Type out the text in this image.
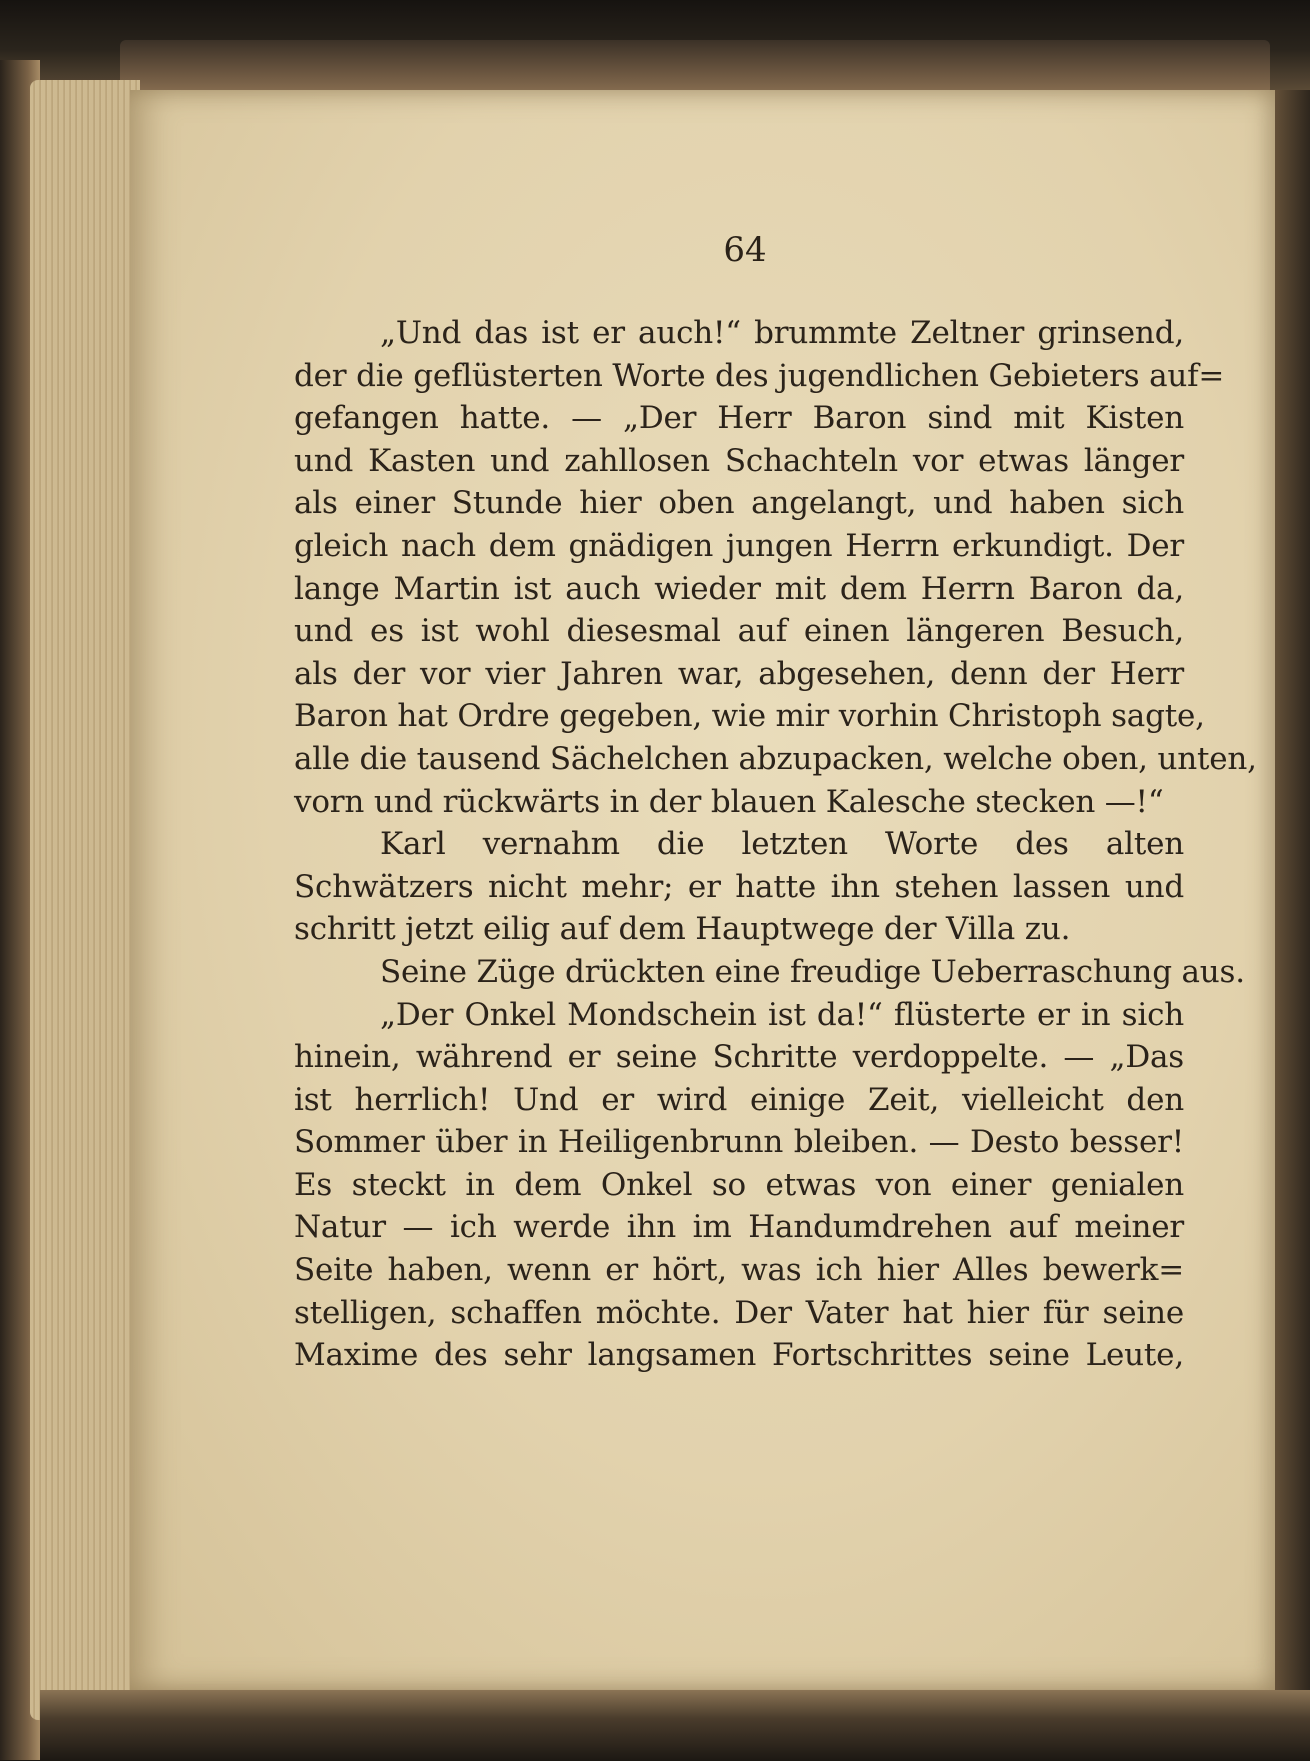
64
„Und das ist er auch!“ brummte Zeltner grinsend,
der die geflüsterten Worte des jugendlichen Gebieters auf=
gefangen hatte. — „Der Herr Baron sind mit Kisten
und Kasten und zahllosen Schachteln vor etwas länger
als einer Stunde hier oben angelangt, und haben sich
gleich nach dem gnädigen jungen Herrn erkundigt. Der
lange Martin ist auch wieder mit dem Herrn Baron da,
und es ist wohl diesesmal auf einen längeren Besuch,
als der vor vier Jahren war, abgesehen, denn der Herr
Baron hat Ordre gegeben, wie mir vorhin Christoph sagte,
alle die tausend Sächelchen abzupacken, welche oben, unten,
vorn und rückwärts in der blauen Kalesche stecken —!“
Karl vernahm die letzten Worte des alten
Schwätzers nicht mehr; er hatte ihn stehen lassen und
schritt jetzt eilig auf dem Hauptwege der Villa zu.
Seine Züge drückten eine freudige Ueberraschung aus.
„Der Onkel Mondschein ist da!“ flüsterte er in sich
hinein, während er seine Schritte verdoppelte. — „Das
ist herrlich! Und er wird einige Zeit, vielleicht den
Sommer über in Heiligenbrunn bleiben. — Desto besser!
Es steckt in dem Onkel so etwas von einer genialen
Natur — ich werde ihn im Handumdrehen auf meiner
Seite haben, wenn er hört, was ich hier Alles bewerk=
stelligen, schaffen möchte. Der Vater hat hier für seine
Maxime des sehr langsamen Fortschrittes seine Leute,
